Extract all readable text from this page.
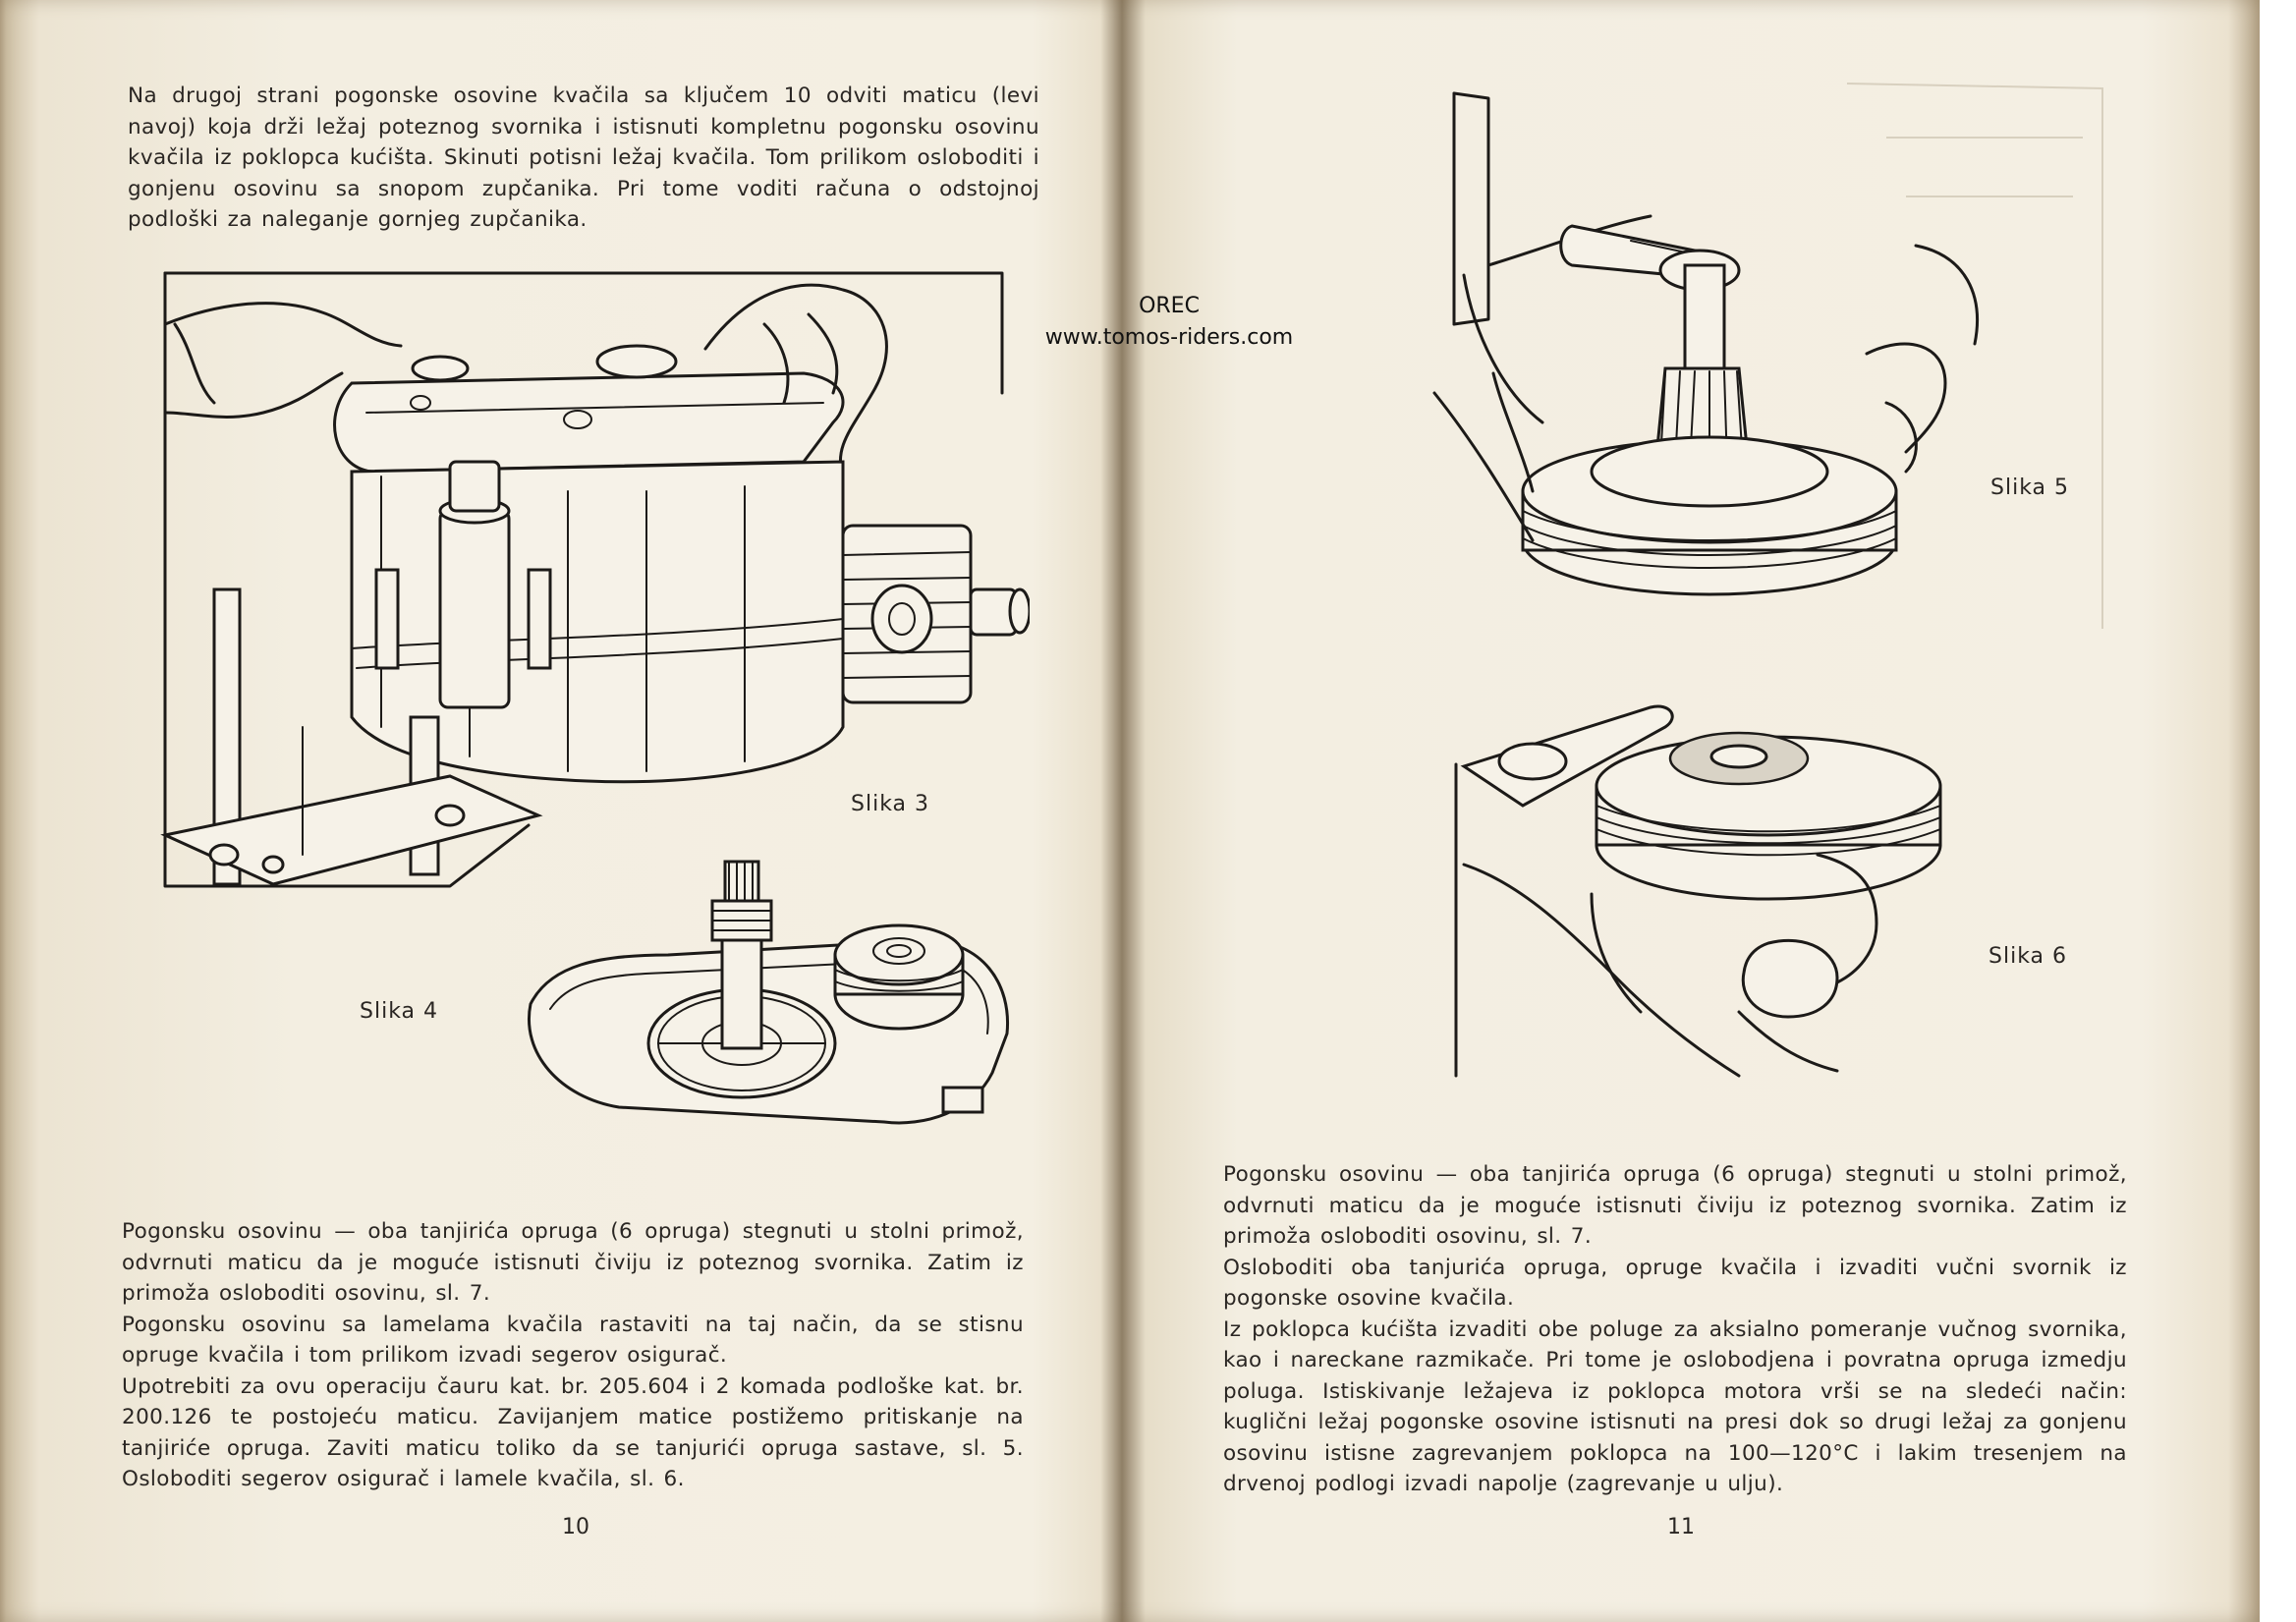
Na drugoj strani pogonske osovine kvačila sa ključem 10 odviti maticu (levi navoj) koja drži ležaj poteznog svornika i istisnuti kompletnu pogonsku osovinu kvačila iz poklopca kućišta. Skinuti potisni ležaj kvačila. Tom prilikom osloboditi i gonjenu osovinu sa snopom zupčanika. Pri tome voditi računa o odstojnoj podloški za naleganje gornjeg zupčanika.

Slika 3
Slika 4

Pogonsku osovinu — oba tanjirića opruga (6 opruga) stegnuti u stolni primož, odvrnuti maticu da je moguće istisnuti čiviju iz poteznog svornika. Zatim iz primoža osloboditi osovinu, sl. 7.

Pogonsku osovinu sa lamelama kvačila rastaviti na taj način, da se stisnu opruge kvačila i tom prilikom izvadi segerov osigurač.

Upotrebiti za ovu operaciju čauru kat. br. 205.604 i 2 komada podloške kat. br. 200.126 te postojeću maticu. Zavijanjem matice postižemo pritiskanje na tanjiriće opruga. Zaviti maticu toliko da se tanjurići opruga sastave, sl. 5. Osloboditi segerov osigurač i lamele kvačila, sl. 6.

10
OREC
www.tomos-riders.com
Slika 5
Slika 6

Pogonsku osovinu — oba tanjirića opruga (6 opruga) stegnuti u stolni primož, odvrnuti maticu da je moguće istisnuti čiviju iz poteznog svornika. Zatim iz primoža osloboditi osovinu, sl. 7.

Osloboditi oba tanjurića opruga, opruge kvačila i izvaditi vučni svornik iz pogonske osovine kvačila.

Iz poklopca kućišta izvaditi obe poluge za aksialno pomeranje vučnog svornika, kao i nareckane razmikače. Pri tome je oslobodjena i povratna opruga izmedju poluga. Istiskivanje ležajeva iz poklopca motora vrši se na sledeći način: kuglični ležaj pogonske osovine istisnuti na presi dok so drugi ležaj za gonjenu osovinu istisne zagrevanjem poklopca na 100—120°C i lakim tresenjem na drvenoj podlogi izvadi napolje (zagrevanje u ulju).

11
